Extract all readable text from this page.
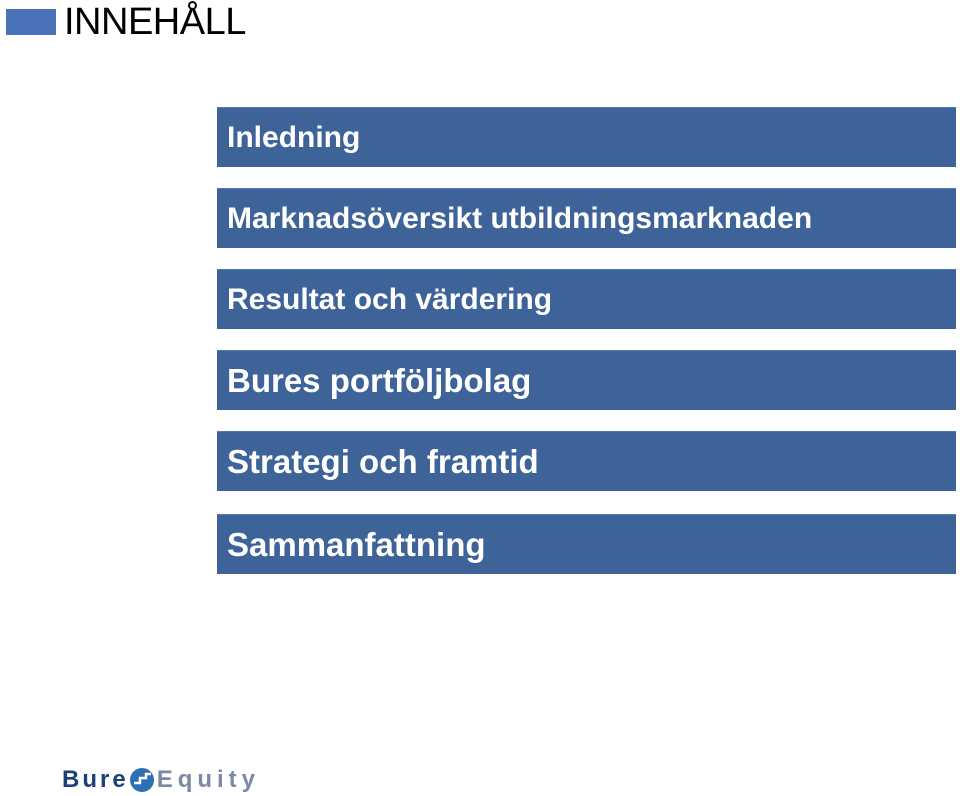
INNEHÅLL
Inledning
Marknadsöversikt utbildningsmarknaden
Resultat och värdering
Bures portföljbolag
Strategi och framtid
Sammanfattning
Bure Equity
